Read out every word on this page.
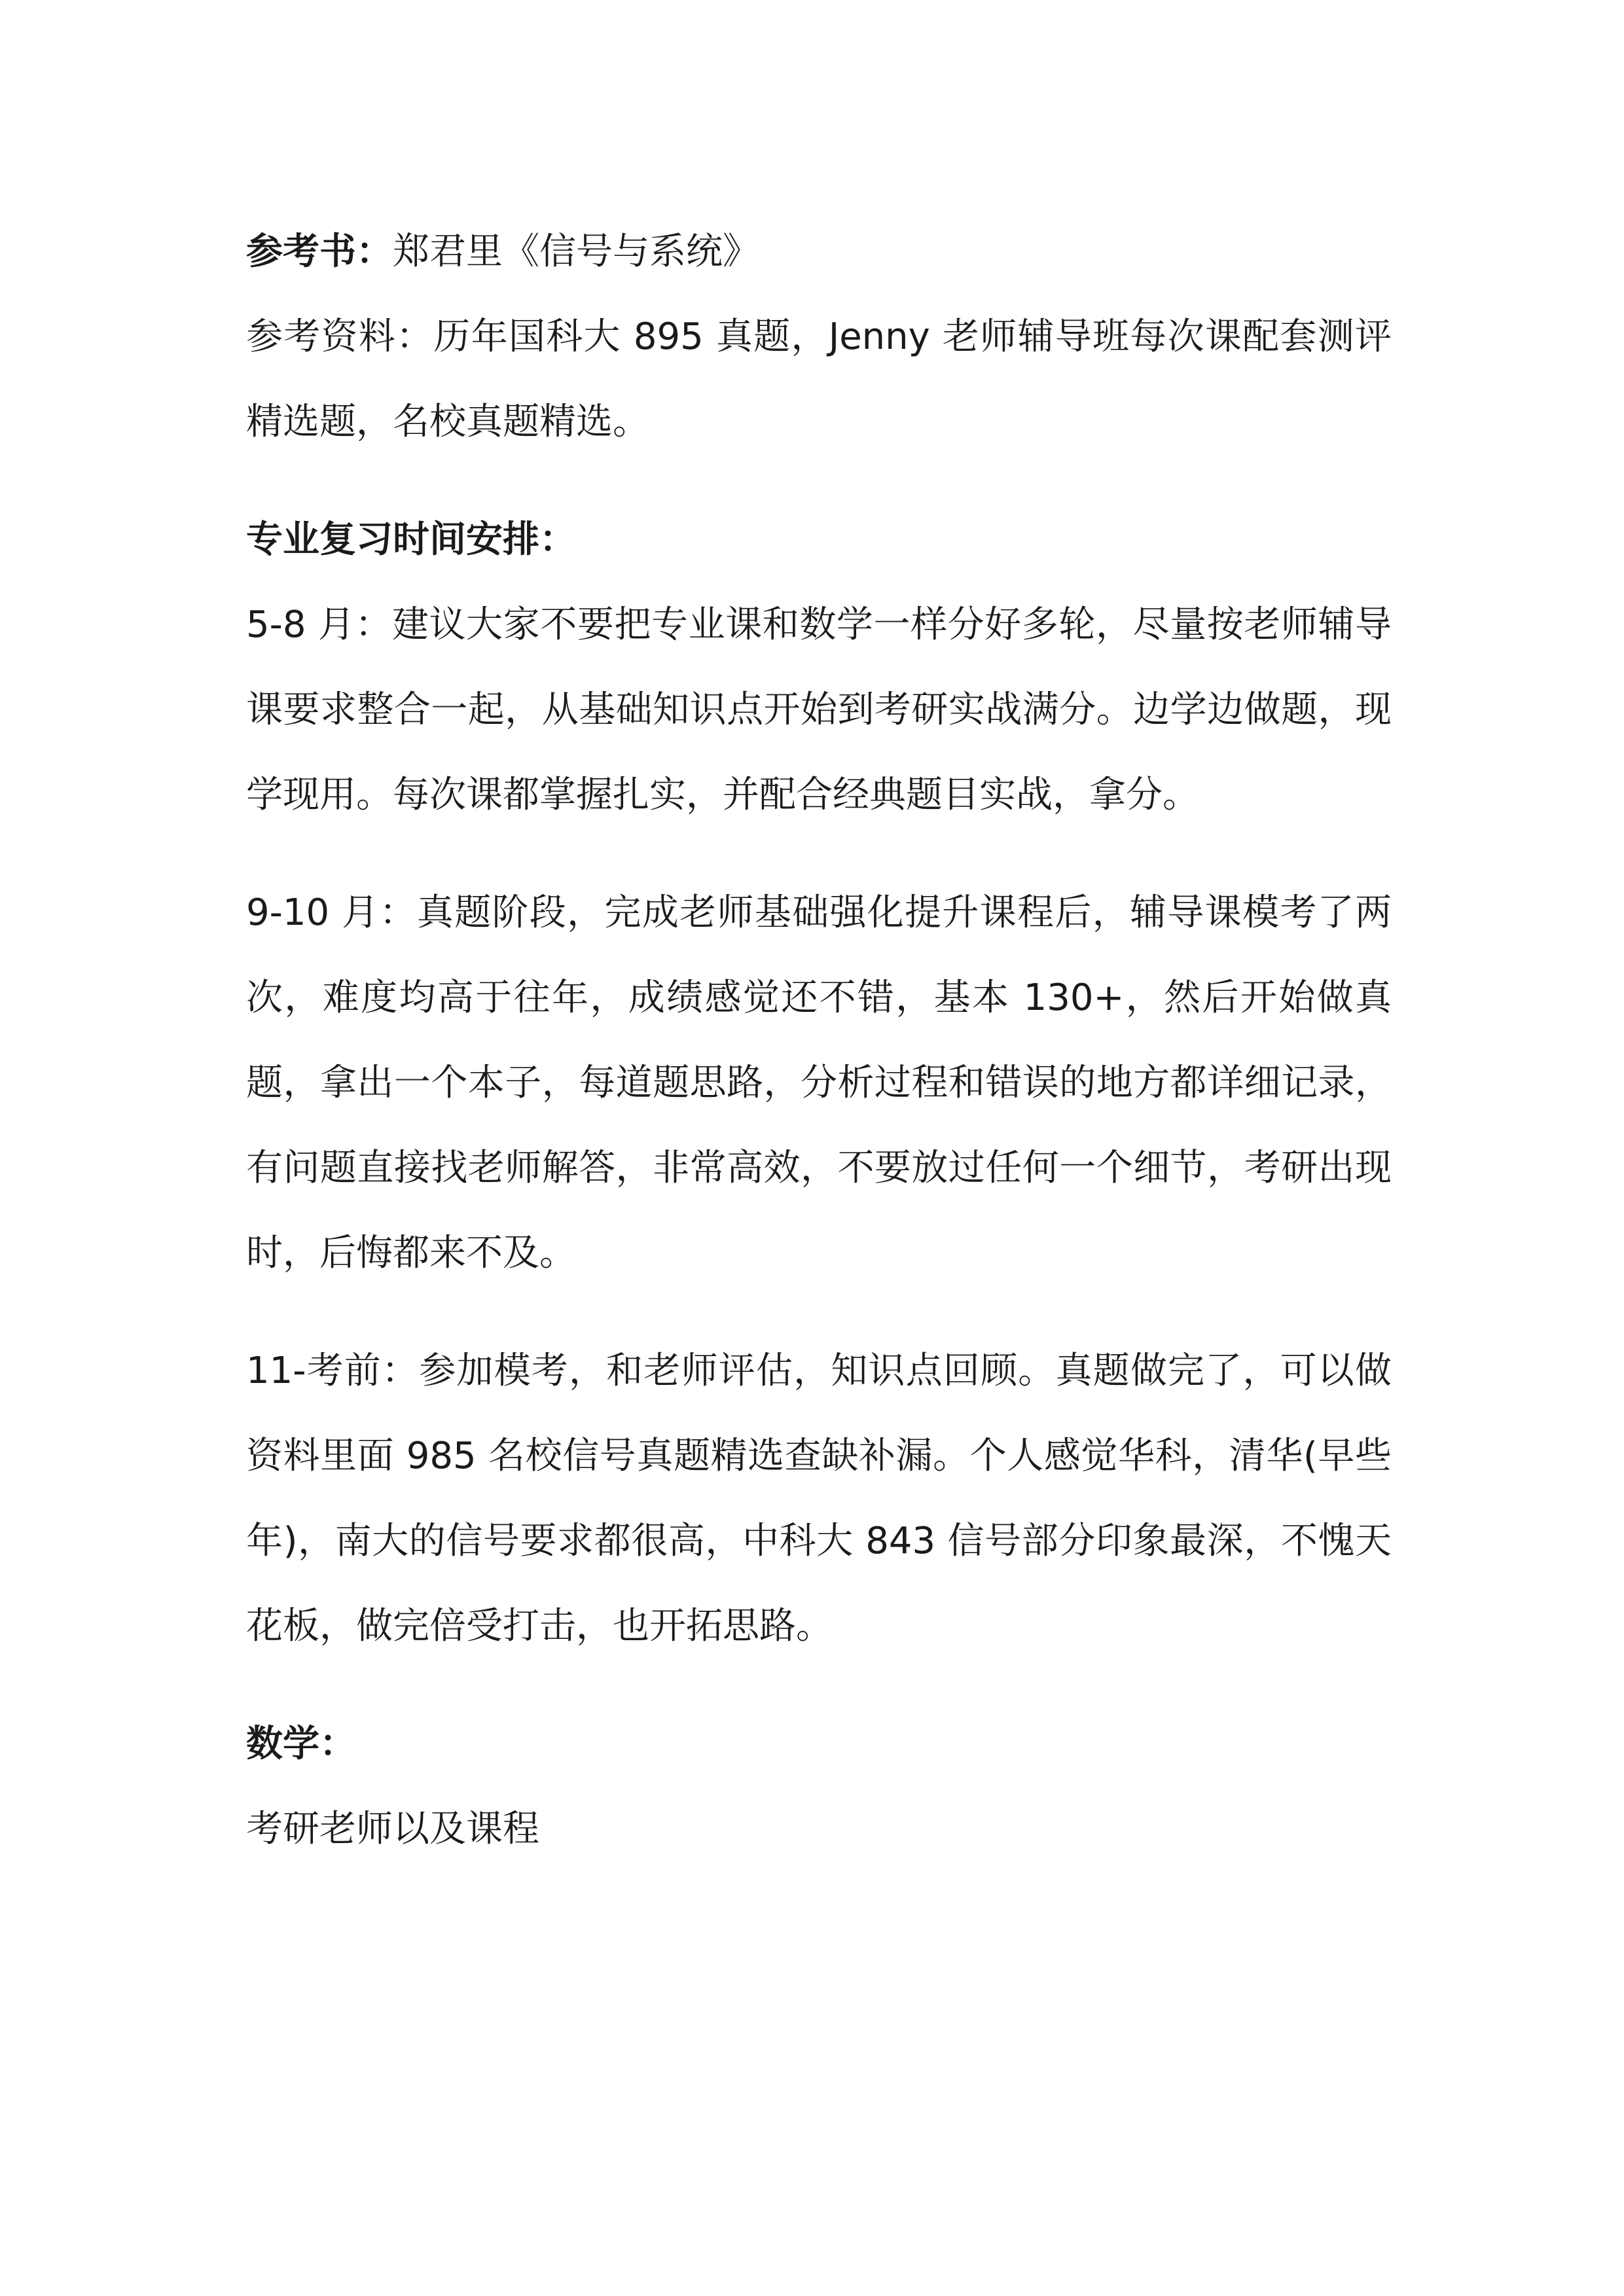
参考书：郑君里《信号与系统》

参考资料：历年国科大 895 真题，Jenny 老师辅导班每次课配套测评精选题，名校真题精选。

专业复习时间安排：

5-8 月：建议大家不要把专业课和数学一样分好多轮，尽量按老师辅导课要求整合一起，从基础知识点开始到考研实战满分。边学边做题，现学现用。每次课都掌握扎实，并配合经典题目实战，拿分。

9-10 月：真题阶段，完成老师基础强化提升课程后，辅导课模考了两次，难度均高于往年，成绩感觉还不错，基本 130+，然后开始做真题，拿出一个本子，每道题思路，分析过程和错误的地方都详细记录，有问题直接找老师解答，非常高效，不要放过任何一个细节，考研出现时，后悔都来不及。

11-考前：参加模考，和老师评估，知识点回顾。真题做完了，可以做资料里面 985 名校信号真题精选查缺补漏。个人感觉华科，清华(早些年)，南大的信号要求都很高，中科大 843 信号部分印象最深，不愧天花板，做完倍受打击，也开拓思路。

数学：

考研老师以及课程
